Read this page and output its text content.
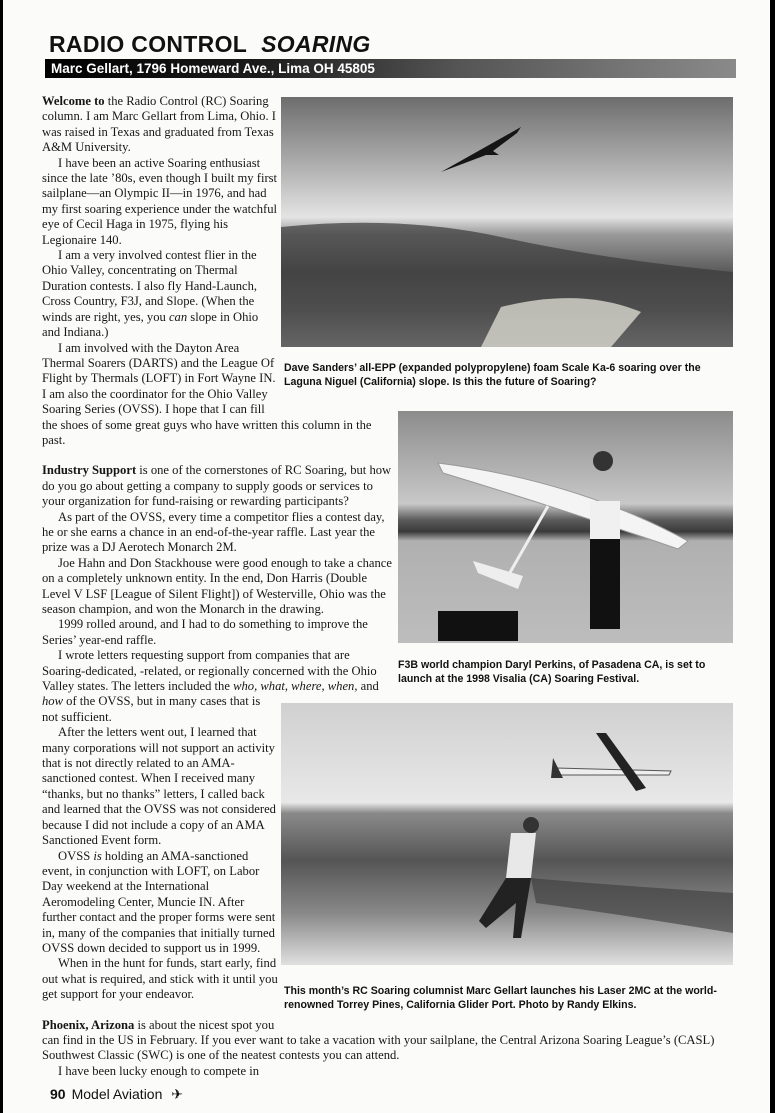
RADIO CONTROL SOARING
Marc Gellart, 1796 Homeward Ave., Lima OH 45805
Dave Sanders’ all-EPP (expanded polypropylene) foam Scale Ka-6 soaring over the Laguna Niguel (California) slope. Is this the future of Soaring?
F3B world champion Daryl Perkins, of Pasadena CA, is set to launch at the 1998 Visalia (CA) Soaring Festival.
This month’s RC Soaring columnist Marc Gellart launches his Laser 2MC at the world-renowned Torrey Pines, California Glider Port. Photo by Randy Elkins.

Welcome to the Radio Control (RC) Soaring column. I am Marc Gellart from Lima, Ohio. I was raised in Texas and graduated from Texas A&M University.

I have been an active Soaring enthusiast since the late ’80s, even though I built my first sailplane—an Olympic II—in 1976, and had my first soaring experience under the watchful eye of Cecil Haga in 1975, flying his Legionaire 140.

I am a very involved contest flier in the Ohio Valley, concentrating on Thermal Duration contests. I also fly Hand-Launch, Cross Country, F3J, and Slope. (When the winds are right, yes, you can slope in Ohio and Indiana.)

I am involved with the Dayton Area Thermal Soarers (DARTS) and the League Of Flight by Thermals (LOFT) in Fort Wayne IN. I am also the coordinator for the Ohio Valley Soaring Series (OVSS). I hope that I can fill the shoes of some great guys who have written this column in the past.

Industry Support is one of the cornerstones of RC Soaring, but how do you go about getting a company to supply goods or services to your organization for fund-raising or rewarding participants?

As part of the OVSS, every time a competitor flies a contest day, he or she earns a chance in an end-of-the-year raffle. Last year the prize was a DJ Aerotech Monarch 2M.

Joe Hahn and Don Stackhouse were good enough to take a chance on a completely unknown entity. In the end, Don Harris (Double Level V LSF [League of Silent Flight]) of Westerville, Ohio was the season champion, and won the Monarch in the drawing.

1999 rolled around, and I had to do something to improve the Series’ year-end raffle.

I wrote letters requesting support from companies that are Soaring-dedicated, -related, or regionally concerned with the Ohio Valley states. The letters included the who, what, where, when, and how of the OVSS, but in many cases that is not sufficient.

After the letters went out, I learned that many corporations will not support an activity that is not directly related to an AMA-sanctioned contest. When I received many “thanks, but no thanks” letters, I called back and learned that the OVSS was not considered because I did not include a copy of an AMA Sanctioned Event form.

OVSS is holding an AMA-sanctioned event, in conjunction with LOFT, on Labor Day weekend at the International Aeromodeling Center, Muncie IN. After further contact and the proper forms were sent in, many of the companies that initially turned OVSS down decided to support us in 1999.

When in the hunt for funds, start early, find out what is required, and stick with it until you get support for your endeavor.

Phoenix, Arizona is about the nicest spot you can find in the US in February. If you ever want to take a vacation with your sailplane, the Central Arizona Soaring League’s (CASL) Southwest Classic (SWC) is one of the neatest contests you can attend.

I have been lucky enough to compete in

90 Model Aviation ✈
